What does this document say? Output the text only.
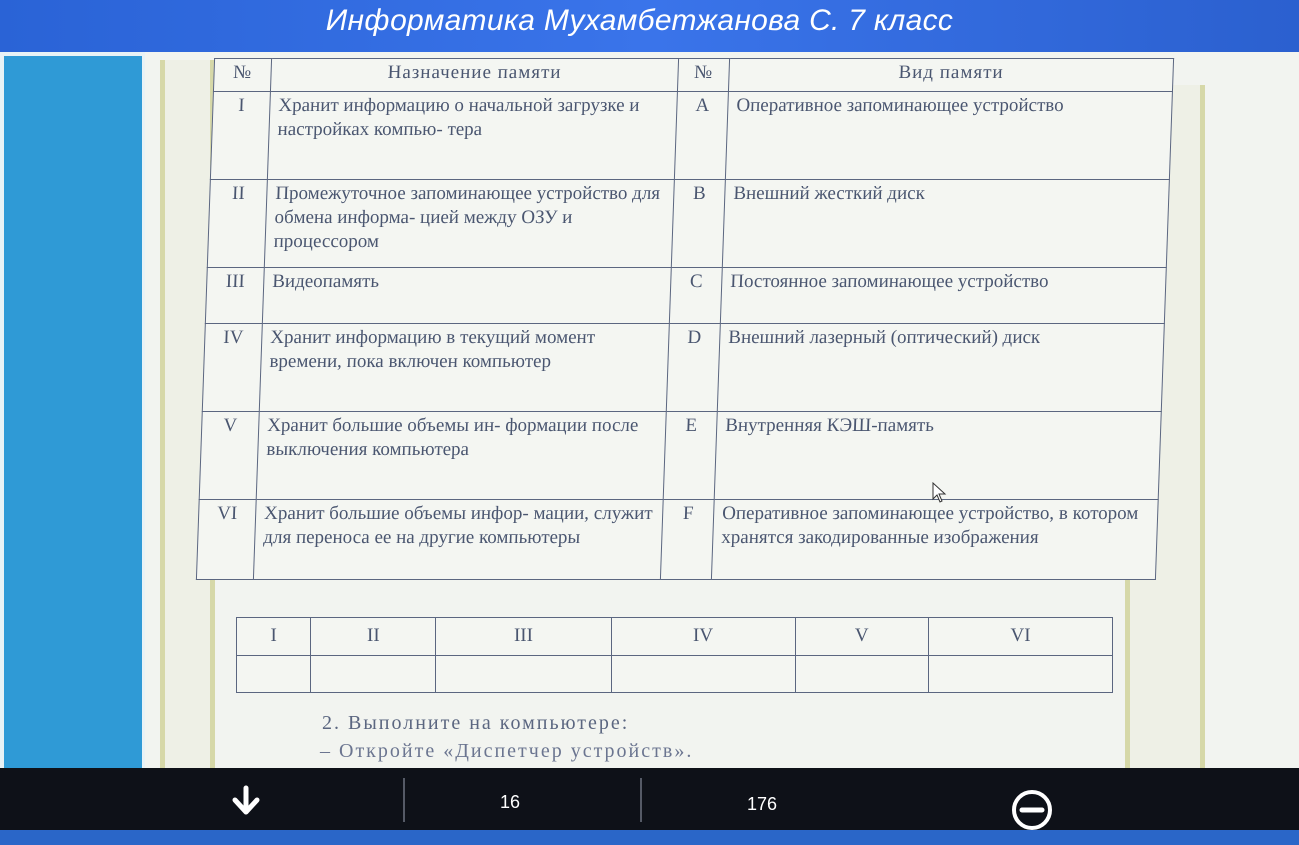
Информатика Мухамбетжанова С. 7 класс
№	Назначение памяти	№	Вид памяти
I	Хранит информацию о начальной загрузке и настройках компью- тера	A	Оперативное запоминающее устройство
II	Промежуточное запоминающее устройство для обмена информа- цией между ОЗУ и процессором	B	Внешний жесткий диск
III	Видеопамять	C	Постоянное запоминающее устройство
IV	Хранит информацию в текущий момент времени, пока включен компьютер	D	Внешний лазерный (оптический) диск
V	Хранит большие объемы ин- формации после выключения компьютера	E	Внутренняя КЭШ-память
VI	Хранит большие объемы инфор- мации, служит для переноса ее на другие компьютеры	F	Оперативное запоминающее устройство, в котором хранятся закодированные изображения
I	II	III	IV	V	VI

2. Выполните на компьютере:
– Откройте «Диспетчер устройств».
16	176
